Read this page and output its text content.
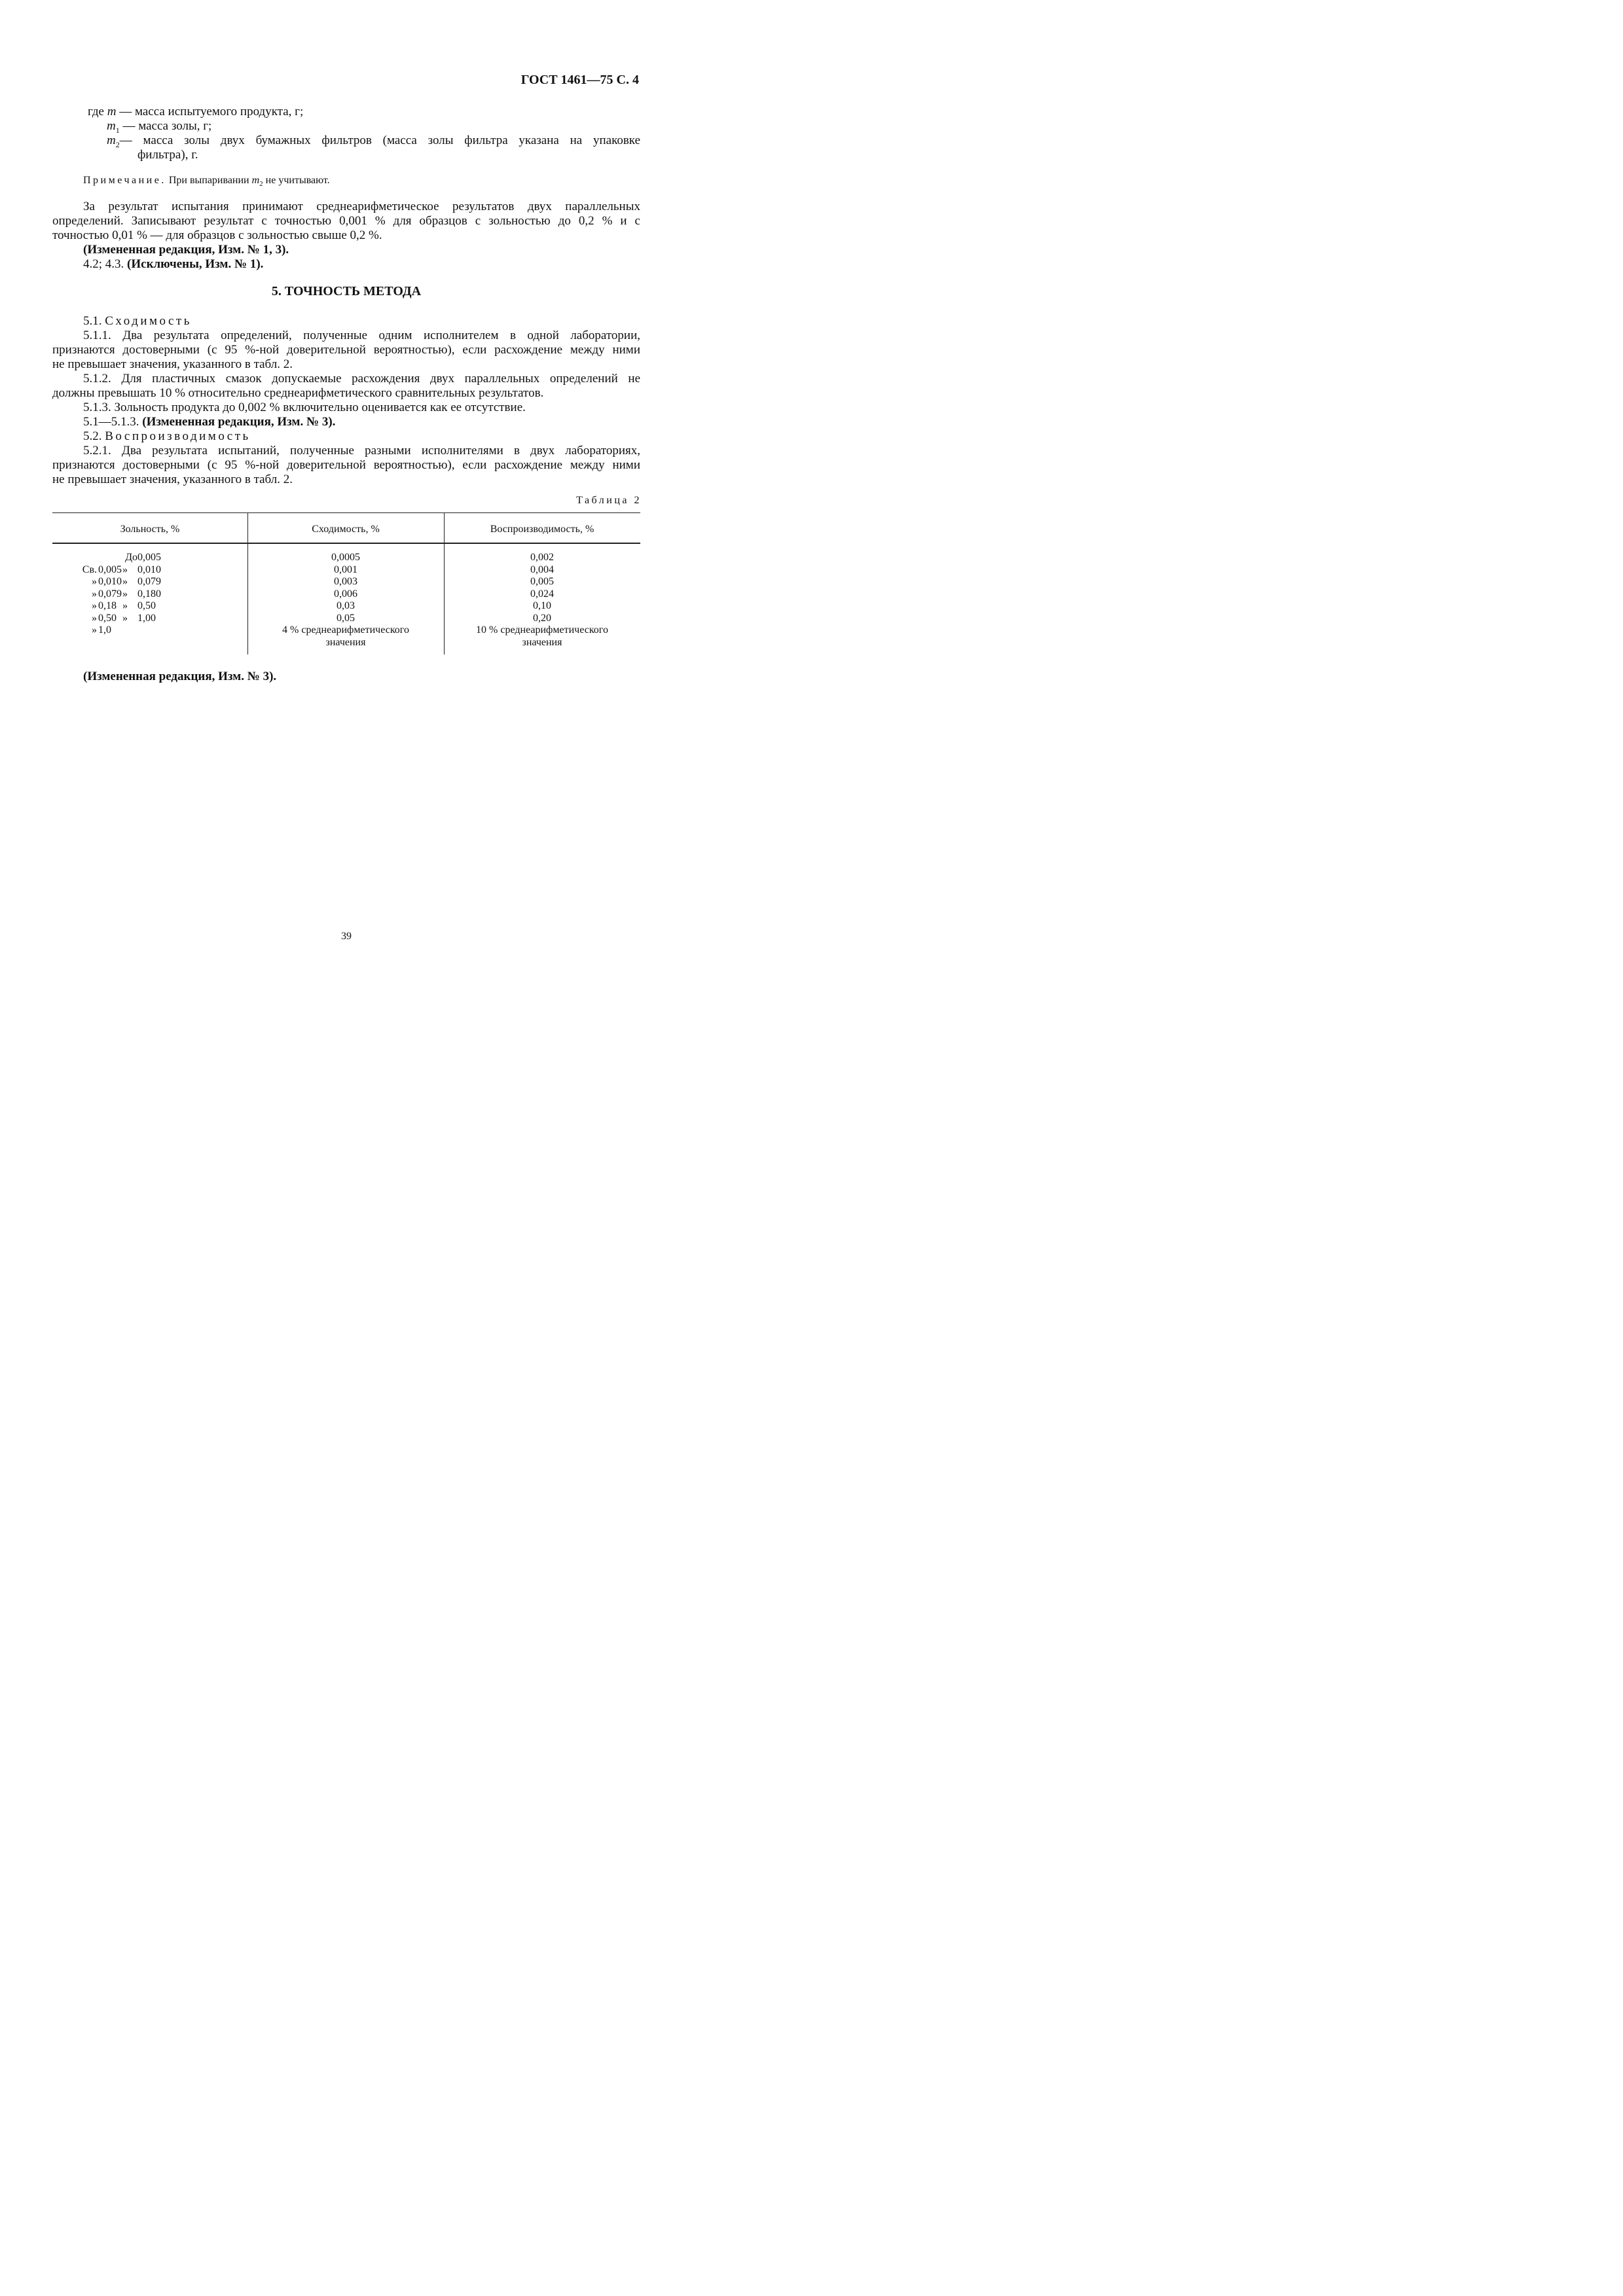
ГОСТ 1461—75 С. 4
где m — масса испытуемого продукта, г;
$m_1$ — масса золы, г;
$m_2—$ масса золы двух бумажных фильтров (масса золы фильтра указана на упаковке
фильтра), г.
Примечание. При выпаривании $m_2$ не учитывают.
За результат испытания принимают среднеарифметическое результатов двух параллельных
определений. Записывают результат с точностью 0,001 % для образцов с зольностью до 0,2 % и с
точностью 0,01 % — для образцов с зольностью свыше 0,2 %.
(Измененная редакция, Изм. № 1, 3).
4.2; 4.3. (Исключены, Изм. № 1).
5. ТОЧНОСТЬ МЕТОДА
5.1. Сходимость
5.1.1. Два результата определений, полученные одним исполнителем в одной лаборатории,
признаются достоверными (с 95 %-ной доверительной вероятностью), если расхождение между ними
не превышает значения, указанного в табл. 2.
5.1.2. Для пластичных смазок допускаемые расхождения двух параллельных определений не
должны превышать 10 % относительно среднеарифметического сравнительных результатов.
5.1.3. Зольность продукта до 0,002 % включительно оценивается как ее отсутствие.
5.1—5.1.3. (Измененная редакция, Изм. № 3).
5.2. Воспроизводимость
5.2.1. Два результата испытаний, полученные разными исполнителями в двух лабораториях,
признаются достоверными (с 95 %-ной доверительной вероятностью), если расхождение между ними
не превышает значения, указанного в табл. 2.
Таблица 2
Зольность, %	Сходимость, %	Воспроизводимость, %
До 0,005	0,0005	0,002
Св. 0,005 » 0,010	0,001	0,004
» 0,010 » 0,079	0,003	0,005
» 0,079 » 0,180	0,006	0,024
» 0,18 » 0,50	0,03	0,10
» 0,50 » 1,00	0,05	0,20
» 1,0	4 % среднеарифметического	10 % среднеарифметического
значения	значения
(Измененная редакция, Изм. № 3).
39
